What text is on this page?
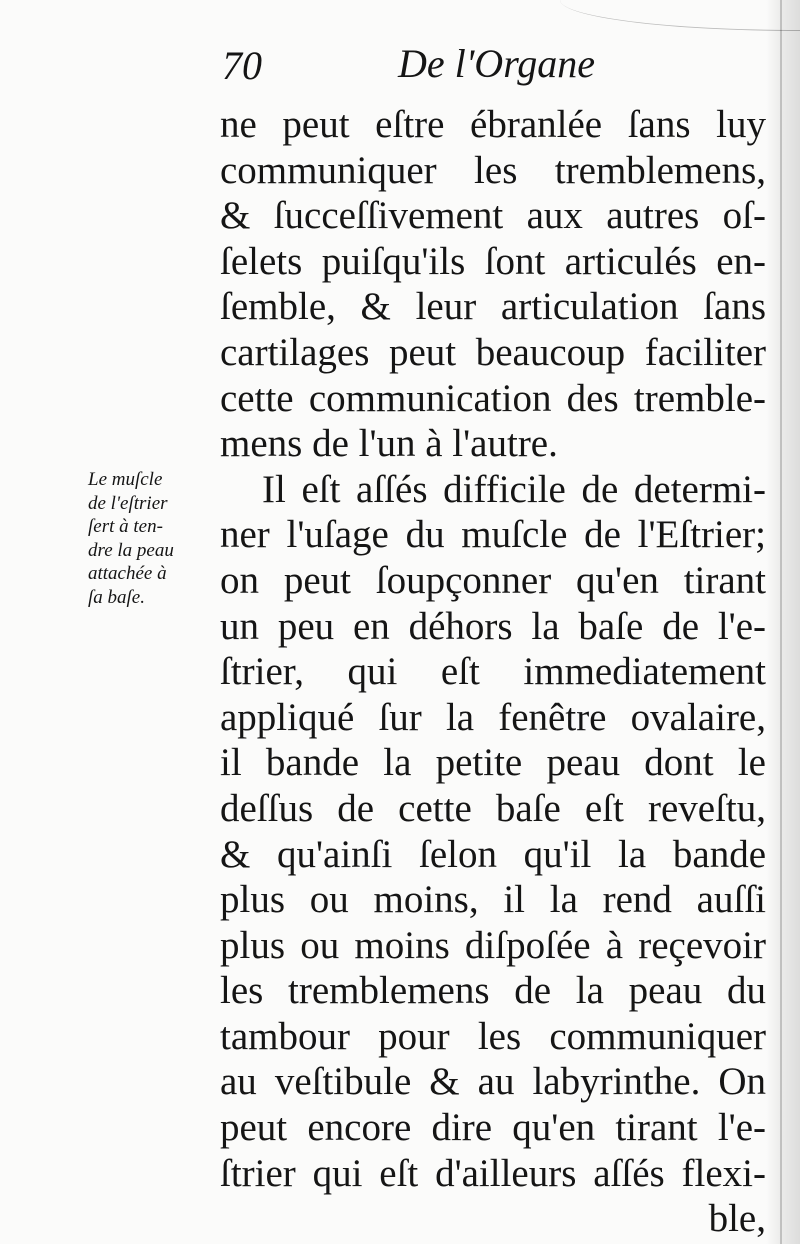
70	De l'Organe
Le muſcle
de l'eſtrier
ſert à ten-
dre la peau
attachée à
ſa baſe.
ne peut eſtre ébranlée ſans luy
communiquer les tremblemens,
& ſucceſſivement aux autres oſ-
ſelets puiſqu'ils ſont articulés en-
ſemble, & leur articulation ſans
cartilages peut beaucoup faciliter
cette communication des tremble-
mens de l'un à l'autre.
Il eſt aſſés difficile de determi-
ner l'uſage du muſcle de l'Eſtrier;
on peut ſoupçonner qu'en tirant
un peu en déhors la baſe de l'e-
ſtrier, qui eſt immediatement
appliqué ſur la fenêtre ovalaire,
il bande la petite peau dont le
deſſus de cette baſe eſt reveſtu,
& qu'ainſi ſelon qu'il la bande
plus ou moins, il la rend auſſi
plus ou moins diſpoſée à reçevoir
les tremblemens de la peau du
tambour pour les communiquer
au veſtibule & au labyrinthe. On
peut encore dire qu'en tirant l'e-
ſtrier qui eſt d'ailleurs aſſés flexi-
ble,
